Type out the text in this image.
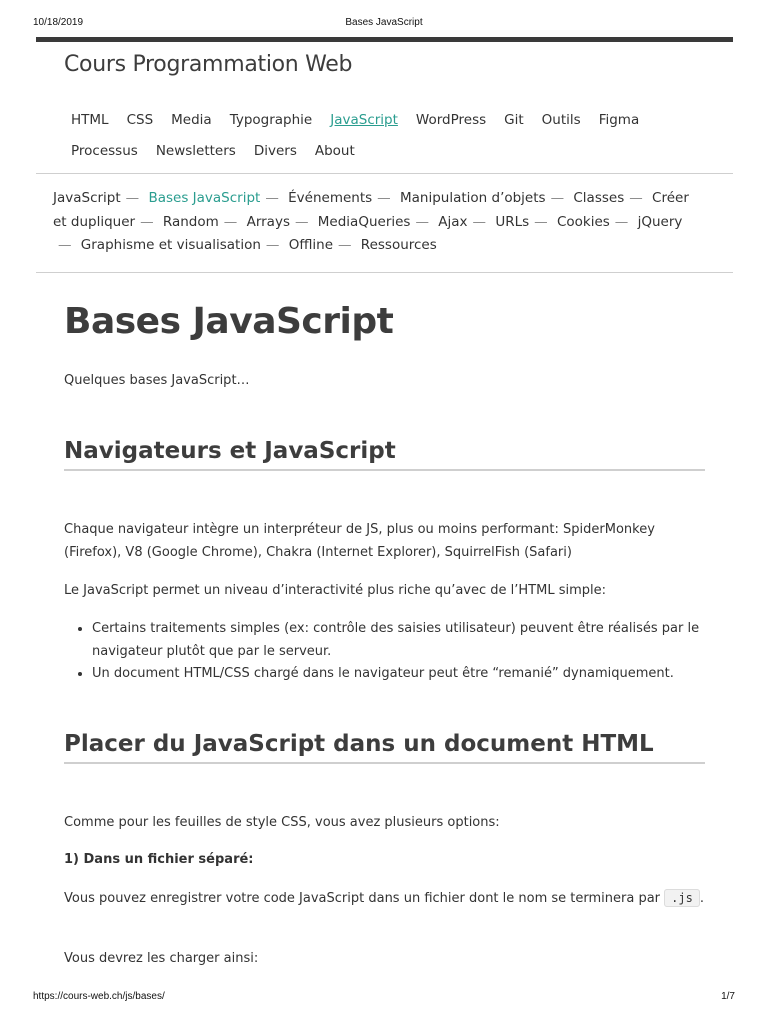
10/18/2019	Bases JavaScript
Cours Programmation Web
HTML	CSS	Media	Typographie	JavaScript	WordPress	Git	Outils	Figma
Processus	Newsletters	Divers	About
JavaScript — Bases JavaScript — Événements — Manipulation d’objets — Classes — Créer et dupliquer — Random — Arrays — MediaQueries — Ajax — URLs — Cookies — jQuery— Graphisme et visualisation — Offline — Ressources
Bases JavaScript

Quelques bases JavaScript…

Navigateurs et JavaScript

Chaque navigateur intègre un interpréteur de JS, plus ou moins performant: SpiderMonkey (Firefox), V8 (Google Chrome), Chakra (Internet Explorer), SquirrelFish (Safari)

Le JavaScript permet un niveau d’interactivité plus riche qu’avec de l’HTML simple:

• Certains traitements simples (ex: contrôle des saisies utilisateur) peuvent être réalisés par le navigateur plutôt que par le serveur.
• Un document HTML/CSS chargé dans le navigateur peut être “remanié” dynamiquement.
Placer du JavaScript dans un document HTML

Comme pour les feuilles de style CSS, vous avez plusieurs options:

1) Dans un fichier séparé:

Vous pouvez enregistrer votre code JavaScript dans un fichier dont le nom se terminera par .js .

Vous devrez les charger ainsi:

https://cours-web.ch/js/bases/	1/7
